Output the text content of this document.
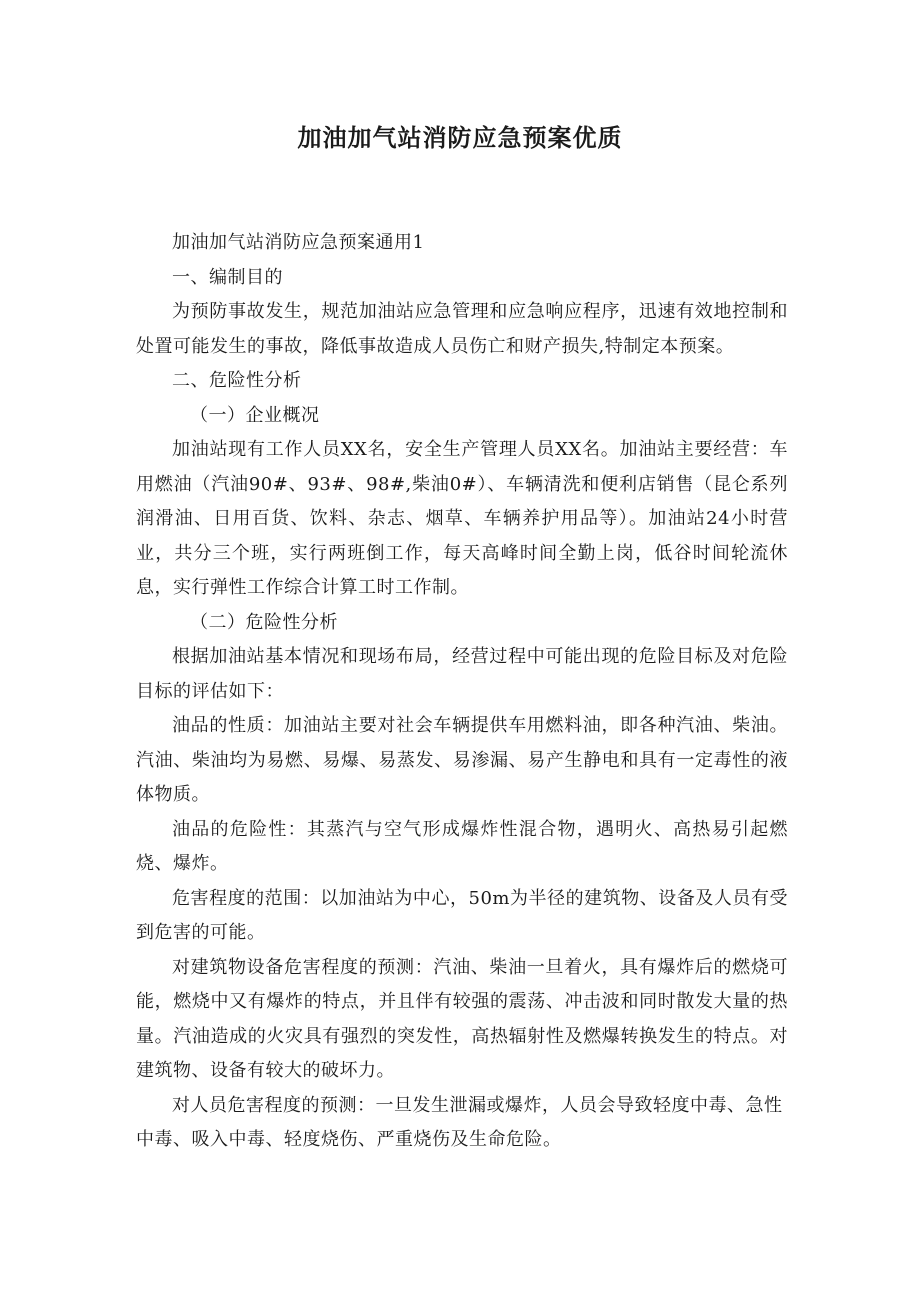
加油加气站消防应急预案优质

加油加气站消防应急预案通用1

一、编制目的

为预防事故发生，规范加油站应急管理和应急响应程序，迅速有效地控制和处置可能发生的事故，降低事故造成人员伤亡和财产损失,特制定本预案。

二、危险性分析

（一）企业概况

加油站现有工作人员XX名，安全生产管理人员XX名。加油站主要经营：车用燃油（汽油90#、93#、98#,柴油0#）、车辆清洗和便利店销售（昆仑系列润滑油、日用百货、饮料、杂志、烟草、车辆养护用品等）。加油站24小时营业，共分三个班，实行两班倒工作，每天高峰时间全勤上岗，低谷时间轮流休息，实行弹性工作综合计算工时工作制。

（二）危险性分析

根据加油站基本情况和现场布局，经营过程中可能出现的危险目标及对危险目标的评估如下：

油品的性质：加油站主要对社会车辆提供车用燃料油，即各种汽油、柴油。汽油、柴油均为易燃、易爆、易蒸发、易渗漏、易产生静电和具有一定毒性的液体物质。

油品的危险性：其蒸汽与空气形成爆炸性混合物，遇明火、高热易引起燃烧、爆炸。

危害程度的范围：以加油站为中心，50m为半径的建筑物、设备及人员有受到危害的可能。

对建筑物设备危害程度的预测：汽油、柴油一旦着火，具有爆炸后的燃烧可能，燃烧中又有爆炸的特点，并且伴有较强的震荡、冲击波和同时散发大量的热量。汽油造成的火灾具有强烈的突发性，高热辐射性及燃爆转换发生的特点。对建筑物、设备有较大的破坏力。

对人员危害程度的预测：一旦发生泄漏或爆炸，人员会导致轻度中毒、急性中毒、吸入中毒、轻度烧伤、严重烧伤及生命危险。
